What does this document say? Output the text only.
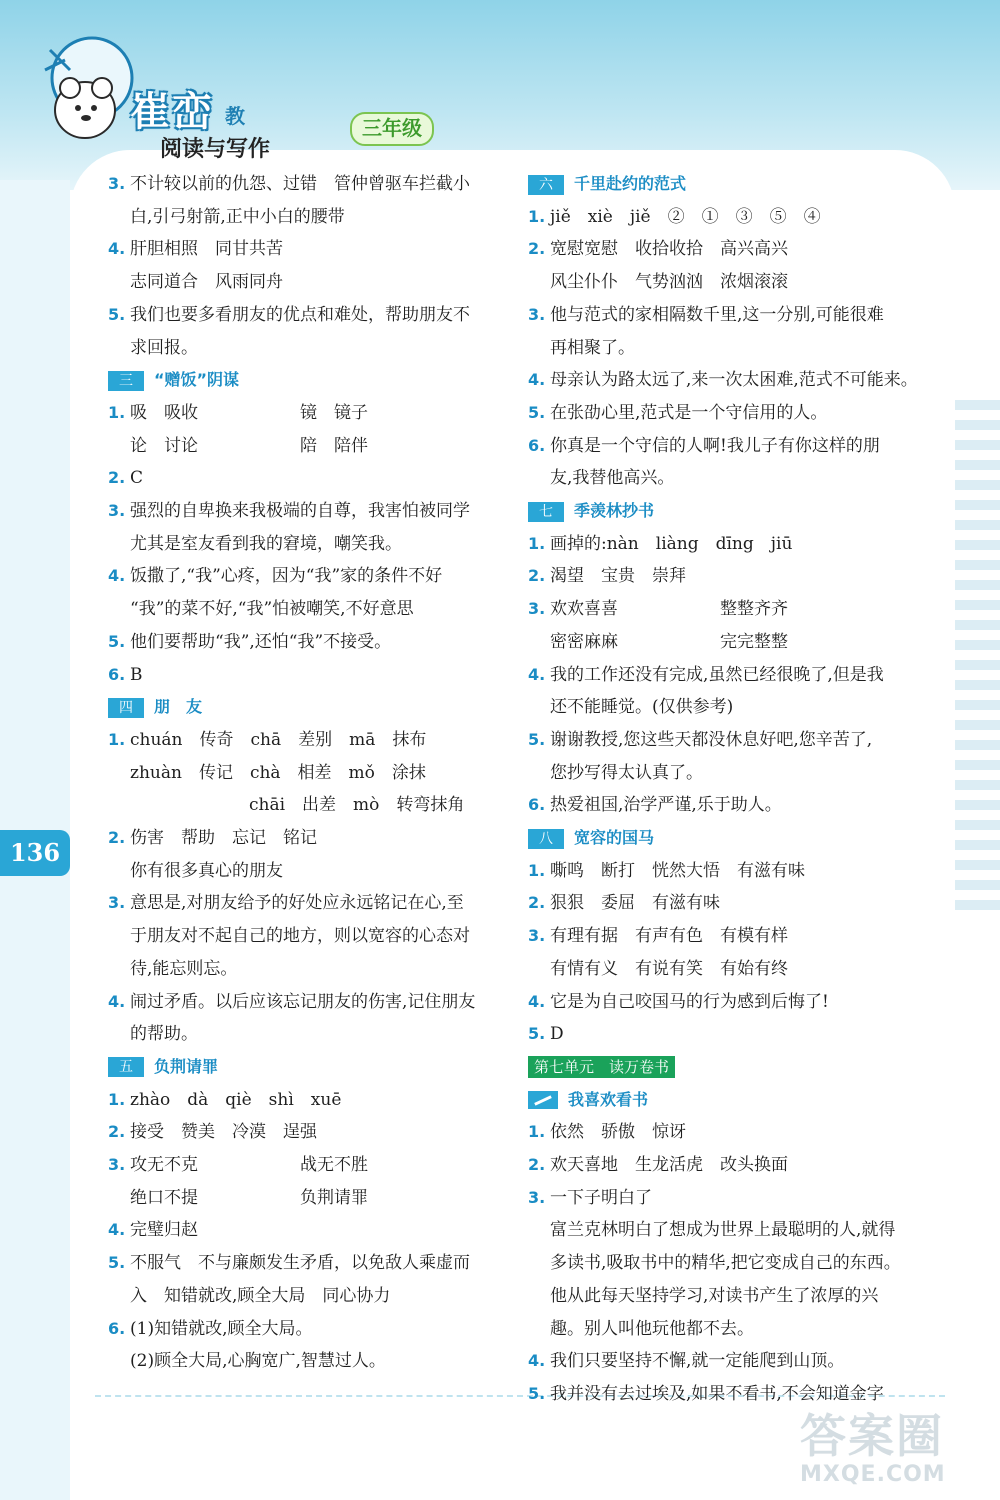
崔峦 教
阅读与写作
三年级
136
3. 不计较以前的仇怨、过错　管仲曾驱车拦截小
白,引弓射箭,正中小白的腰带
4. 肝胆相照　同甘共苦
志同道合　风雨同舟
5. 我们也要多看朋友的优点和难处，帮助朋友不
求回报。
三 “赠饭”阴谋
1. 吸　吸收　　　　　　镜　镜子
论　讨论　　　　　　陪　陪伴
2. C
3. 强烈的自卑换来我极端的自尊，我害怕被同学
尤其是室友看到我的窘境，嘲笑我。
4. 饭撒了,“我”心疼，因为“我”家的条件不好
“我”的菜不好,“我”怕被嘲笑,不好意思
5. 他们要帮助“我”,还怕“我”不接受。
6. B
四 朋　友
1. chuán　传奇　chā　差别　mā　抹布
zhuàn　传记　chà　相差　mǒ　涂抹
　　　　　　　chāi　出差　mò　转弯抹角
2. 伤害　帮助　忘记　铭记
你有很多真心的朋友
3. 意思是,对朋友给予的好处应永远铭记在心,至
于朋友对不起自己的地方，则以宽容的心态对
待,能忘则忘。
4. 闹过矛盾。以后应该忘记朋友的伤害,记住朋友
的帮助。
五 负荆请罪
1. zhào　dà　qiè　shì　xuē
2. 接受　赞美　冷漠　逞强
3. 攻无不克　　　　　　战无不胜
绝口不提　　　　　　负荆请罪
4. 完璧归赵
5. 不服气　不与廉颇发生矛盾，以免敌人乘虚而
入　知错就改,顾全大局　同心协力
6. (1)知错就改,顾全大局。
(2)顾全大局,心胸宽广,智慧过人。
六 千里赴约的范式
1. jiě　xiè　jiě　②　①　③　⑤　④
2. 宽慰宽慰　收拾收拾　高兴高兴
风尘仆仆　气势汹汹　浓烟滚滚
3. 他与范式的家相隔数千里,这一分别,可能很难
再相聚了。
4. 母亲认为路太远了,来一次太困难,范式不可能来。
5. 在张劭心里,范式是一个守信用的人。
6. 你真是一个守信的人啊!我儿子有你这样的朋
友,我替他高兴。
七 季羡林抄书
1. 画掉的:nàn　liàng　dīng　jiū
2. 渴望　宝贵　崇拜
3. 欢欢喜喜　　　　　　整整齐齐
密密麻麻　　　　　　完完整整
4. 我的工作还没有完成,虽然已经很晚了,但是我
还不能睡觉。(仅供参考)
5. 谢谢教授,您这些天都没休息好吧,您辛苦了,
您抄写得太认真了。
6. 热爱祖国,治学严谨,乐于助人。
八 宽容的国马
1. 嘶鸣　断打　恍然大悟　有滋有味
2. 狠狠　委屈　有滋有味
3. 有理有据　有声有色　有模有样
有情有义　有说有笑　有始有终
4. 它是为自己咬国马的行为感到后悔了!
5. D
第七单元　读万卷书
我喜欢看书
1. 依然　骄傲　惊讶
2. 欢天喜地　生龙活虎　改头换面
3. 一下子明白了
富兰克林明白了想成为世界上最聪明的人,就得
多读书,吸取书中的精华,把它变成自己的东西。
他从此每天坚持学习,对读书产生了浓厚的兴
趣。别人叫他玩他都不去。
4. 我们只要坚持不懈,就一定能爬到山顶。
5. 我并没有去过埃及,如果不看书,不会知道金字
答案圈
MXQE.COM
